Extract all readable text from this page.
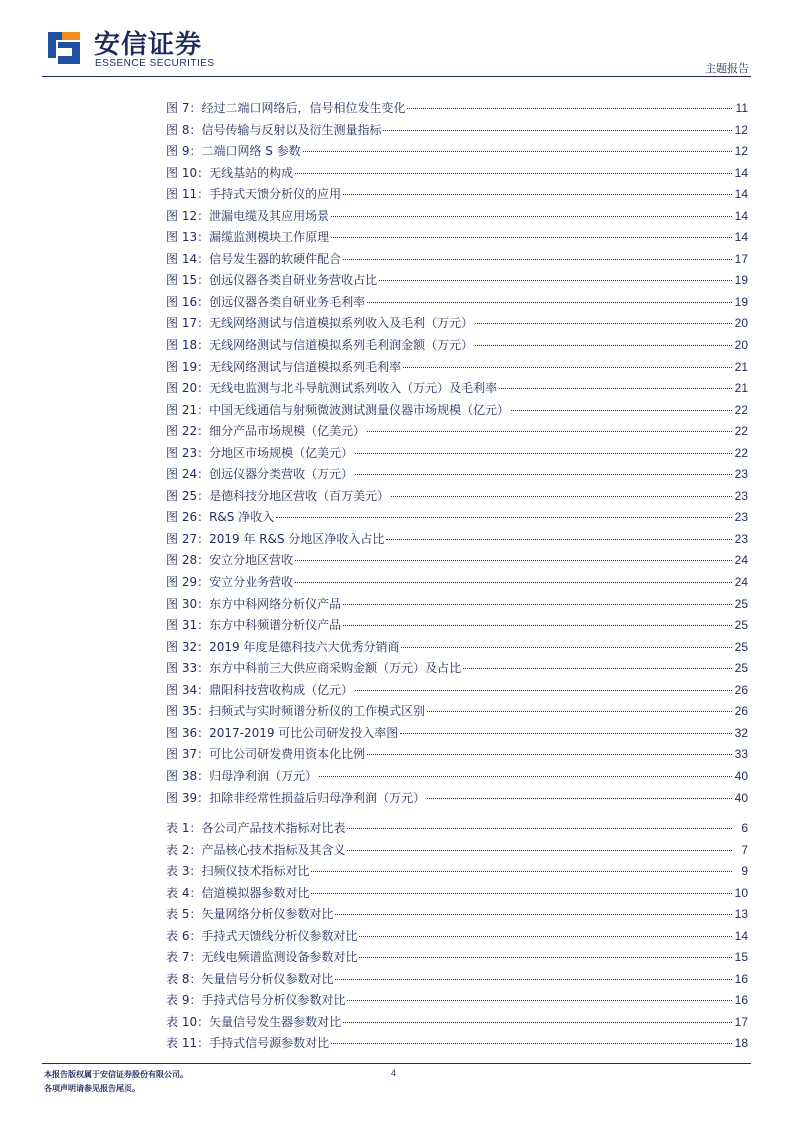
安信证券
ESSENCE SECURITIES	主题报告
图 7：经过二端口网络后，信号相位发生变化	11
图 8：信号传输与反射以及衍生测量指标	12
图 9：二端口网络 S 参数	12
图 10：无线基站的构成	14
图 11：手持式天馈分析仪的应用	14
图 12：泄漏电缆及其应用场景	14
图 13：漏缆监测模块工作原理	14
图 14：信号发生器的软硬件配合	17
图 15：创远仪器各类自研业务营收占比	19
图 16：创远仪器各类自研业务毛利率	19
图 17：无线网络测试与信道模拟系列收入及毛利（万元）	20
图 18：无线网络测试与信道模拟系列毛利润金额（万元）	20
图 19：无线网络测试与信道模拟系列毛利率	21
图 20：无线电监测与北斗导航测试系列收入（万元）及毛利率	21
图 21：中国无线通信与射频微波测试测量仪器市场规模（亿元）	22
图 22：细分产品市场规模（亿美元）	22
图 23：分地区市场规模（亿美元）	22
图 24：创远仪器分类营收（万元）	23
图 25：是德科技分地区营收（百万美元）	23
图 26：R&S 净收入	23
图 27：2019 年 R&S 分地区净收入占比	23
图 28：安立分地区营收	24
图 29：安立分业务营收	24
图 30：东方中科网络分析仪产品	25
图 31：东方中科频谱分析仪产品	25
图 32：2019 年度是德科技六大优秀分销商	25
图 33：东方中科前三大供应商采购金额（万元）及占比	25
图 34：鼎阳科技营收构成（亿元）	26
图 35：扫频式与实时频谱分析仪的工作模式区别	26
图 36：2017-2019 可比公司研发投入率图	32
图 37：可比公司研发费用资本化比例	33
图 38：归母净利润（万元）	40
图 39：扣除非经常性损益后归母净利润（万元）	40
表 1：各公司产品技术指标对比表	6
表 2：产品核心技术指标及其含义	7
表 3：扫频仪技术指标对比	9
表 4：信道模拟器参数对比	10
表 5：矢量网络分析仪参数对比	13
表 6：手持式天馈线分析仪参数对比	14
表 7：无线电频谱监测设备参数对比	15
表 8：矢量信号分析仪参数对比	16
表 9：手持式信号分析仪参数对比	16
表 10：矢量信号发生器参数对比	17
表 11：手持式信号源参数对比	18
本报告版权属于安信证券股份有限公司。
各项声明请参见报告尾页。
4
